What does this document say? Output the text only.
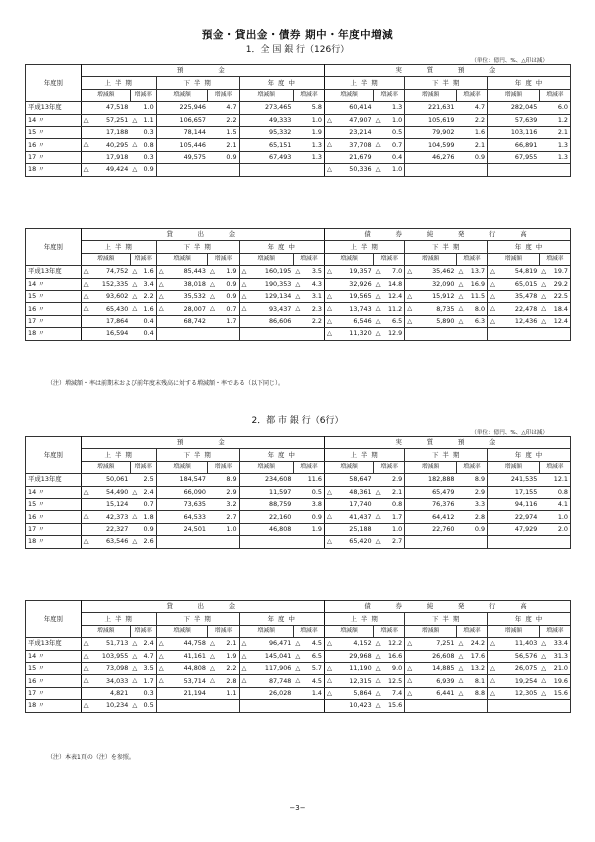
預金・貸出金・債券 期中・年度中増減
1．全 国 銀 行（126行）
（単位：億円、%、△印は減）
年度別	預　　　金						実　　質　　預　　金					
	上 半 期		下 半 期		年 度 中		上 半 期		下 半 期		年 度 中	
	増減額	増減率	増減額	増減率	増減額	増減率	増減額	増減率	増減額	増減率	増減額	増減率
平成13年度	47,518	1.0	225,946	4.7	273,465	5.8	60,414	1.3	221,631	4.7	282,045	6.0
14 〃	△ 57,251	△ 1.1	106,657	2.2	49,333	1.0	△ 47,907	△ 1.0	105,619	2.2	57,639	1.2
15 〃	17,188	0.3	78,144	1.5	95,332	1.9	23,214	0.5	79,902	1.6	103,116	2.1
16 〃	△ 40,295	△ 0.8	105,446	2.1	65,151	1.3	△ 37,708	△ 0.7	104,599	2.1	66,891	1.3
17 〃	17,918	0.3	49,575	0.9	67,493	1.3	21,679	0.4	46,276	0.9	67,955	1.3
18 〃	△ 49,424	△ 0.9					△ 50,336	△ 1.0				
年度別	貸　　出　　金						債　　券　　純　　発　　行　　高					
	上 半 期		下 半 期		年 度 中		上 半 期		下 半 期		年 度 中	
	増減額	増減率	増減額	増減率	増減額	増減率	増減額	増減率	増減額	増減率	増減額	増減率
平成13年度	△ 74,752	△ 1.6	△ 85,443	△ 1.9	△ 160,195	△ 3.5	△ 19,357	△ 7.0	△ 35,462	△ 13.7	△ 54,819	△ 19.7
14 〃	△ 152,335	△ 3.4	△ 38,018	△ 0.9	△ 190,353	△ 4.3	32,926	△ 14.8	32,090	△ 16.9	△ 65,015	△ 29.2
15 〃	△ 93,602	△ 2.2	△ 35,532	△ 0.9	△ 129,134	△ 3.1	△ 19,565	△ 12.4	△ 15,912	△ 11.5	△ 35,478	△ 22.5
16 〃	△ 65,430	△ 1.6	△ 28,007	△ 0.7	△ 93,437	△ 2.3	△ 13,743	△ 11.2	△ 8,735	△ 8.0	△ 22,478	△ 18.4
17 〃	17,864	0.4	68,742	1.7	86,606	2.2	△ 6,546	△ 6.5	△ 5,890	△ 6.3	△ 12,436	△ 12.4
18 〃	16,594	0.4					△ 11,320	△ 12.9				
（注）増減額・率は前期末および前年度末残高に対する増減額・率である（以下同じ）。
2．都 市 銀 行（6行）
（単位：億円、%、△印は減）
年度別	預　　　金						実　　質　　預　　金					
	上 半 期		下 半 期		年 度 中		上 半 期		下 半 期		年 度 中	
	増減額	増減率	増減額	増減率	増減額	増減率	増減額	増減率	増減額	増減率	増減額	増減率
平成13年度	50,061	2.5	184,547	8.9	234,608	11.6	58,647	2.9	182,888	8.9	241,535	12.1
14 〃	△ 54,490	△ 2.4	66,090	2.9	11,597	0.5	△ 48,361	△ 2.1	65,479	2.9	17,155	0.8
15 〃	15,124	0.7	73,635	3.2	88,759	3.8	17,740	0.8	76,376	3.3	94,116	4.1
16 〃	△ 42,373	△ 1.8	64,533	2.7	22,160	0.9	△ 41,437	△ 1.7	64,412	2.8	22,974	1.0
17 〃	22,327	0.9	24,501	1.0	46,808	1.9	25,188	1.0	22,760	0.9	47,929	2.0
18 〃	△ 63,546	△ 2.6					△ 65,420	△ 2.7				
年度別	貸　　出　　金						債　　券　　純　　発　　行　　高					
	上 半 期		下 半 期		年 度 中		上 半 期		下 半 期		年 度 中	
	増減額	増減率	増減額	増減率	増減額	増減率	増減額	増減率	増減額	増減率	増減額	増減率
平成13年度	△ 51,713	△ 2.4	△ 44,758	△ 2.1	△ 96,471	△ 4.5	△ 4,152	△ 12.2	△ 7,251	△ 24.2	△ 11,403	△ 33.4
14 〃	△ 103,955	△ 4.7	△ 41,161	△ 1.9	△ 145,041	△ 6.5	29,968	△ 16.6	26,608	△ 17.6	56,576	△ 31.3
15 〃	△ 73,098	△ 3.5	△ 44,808	△ 2.2	△ 117,906	△ 5.7	△ 11,190	△ 9.0	△ 14,885	△ 13.2	△ 26,075	△ 21.0
16 〃	△ 34,033	△ 1.7	△ 53,714	△ 2.8	△ 87,748	△ 4.5	△ 12,315	△ 12.5	△ 6,939	△ 8.1	△ 19,254	△ 19.6
17 〃	4,821	0.3	21,194	1.1	26,028	1.4	△ 5,864	△ 7.4	△ 6,441	△ 8.8	△ 12,305	△ 15.6
18 〃	△ 10,234	△ 0.5					10,423	△ 15.6				
（注）本表1頁の（注）を参照。
−3−
